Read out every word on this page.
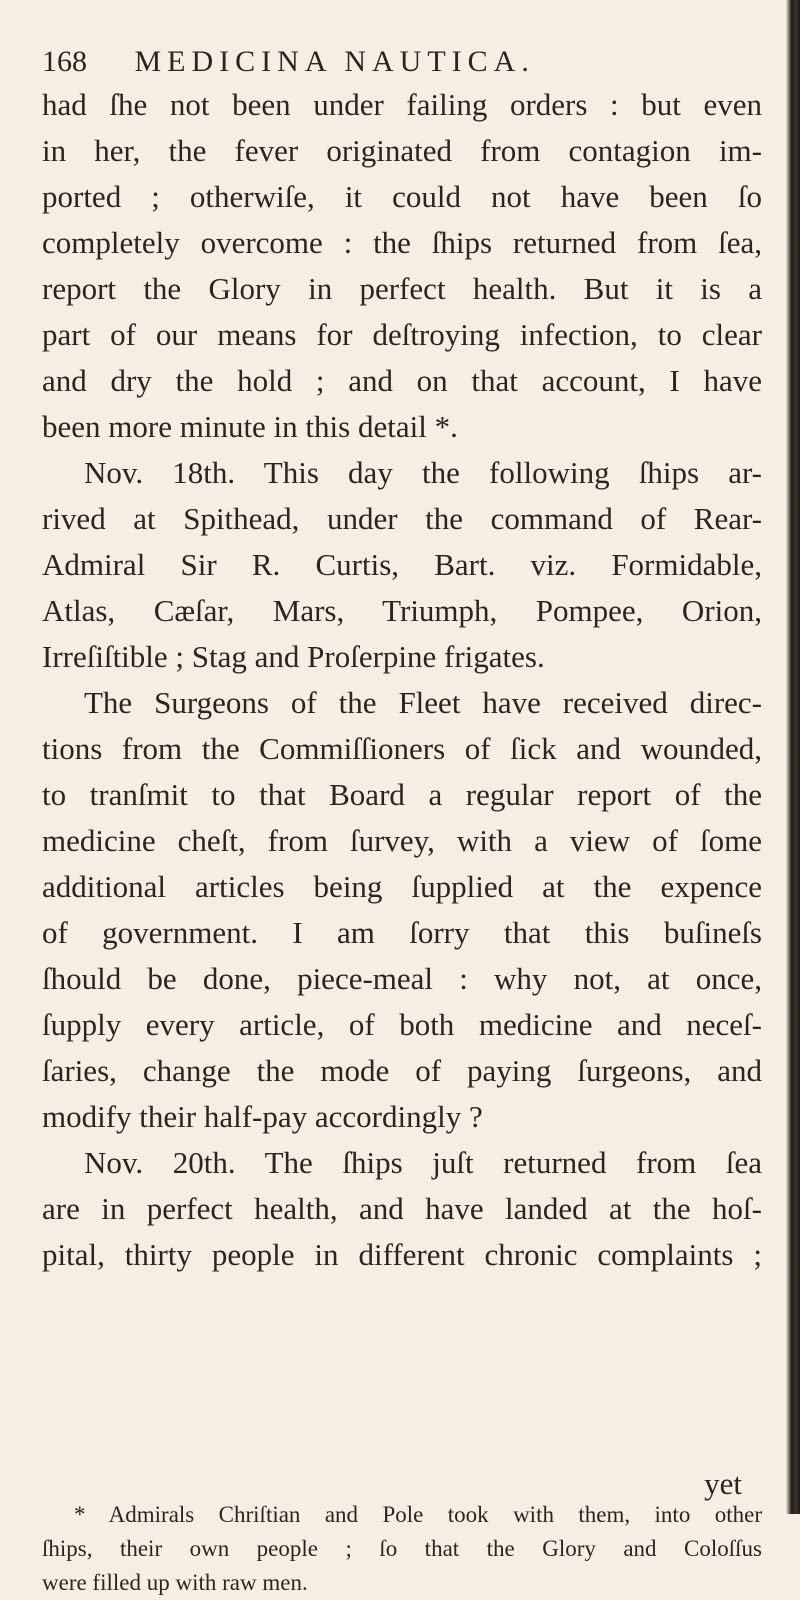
168 MEDICINA NAUTICA.

had ſhe not been under failing orders : but even
in her, the fever originated from contagion im-
ported ; otherwiſe, it could not have been ſo
completely overcome : the ſhips returned from ſea,
report the Glory in perfect health. But it is a
part of our means for deſtroying infection, to clear
and dry the hold ; and on that account, I have
been more minute in this detail *.

Nov. 18th. This day the following ſhips ar-
rived at Spithead, under the command of Rear-
Admiral Sir R. Curtis, Bart. viz. Formidable,
Atlas, Cæſar, Mars, Triumph, Pompee, Orion,
Irreſiſtible ; Stag and Proſerpine frigates.

The Surgeons of the Fleet have received direc-
tions from the Commiſſioners of ſick and wounded,
to tranſmit to that Board a regular report of the
medicine cheſt, from ſurvey, with a view of ſome
additional articles being ſupplied at the expence
of government. I am ſorry that this buſineſs
ſhould be done, piece-meal : why not, at once,
ſupply every article, of both medicine and neceſ-
ſaries, change the mode of paying ſurgeons, and
modify their half-pay accordingly ?

Nov. 20th. The ſhips juſt returned from ſea
are in perfect health, and have landed at the hoſ-
pital, thirty people in different chronic complaints ;

yet
* Admirals Chriſtian and Pole took with them, into other
ſhips, their own people ; ſo that the Glory and Coloſſus
were filled up with raw men.
